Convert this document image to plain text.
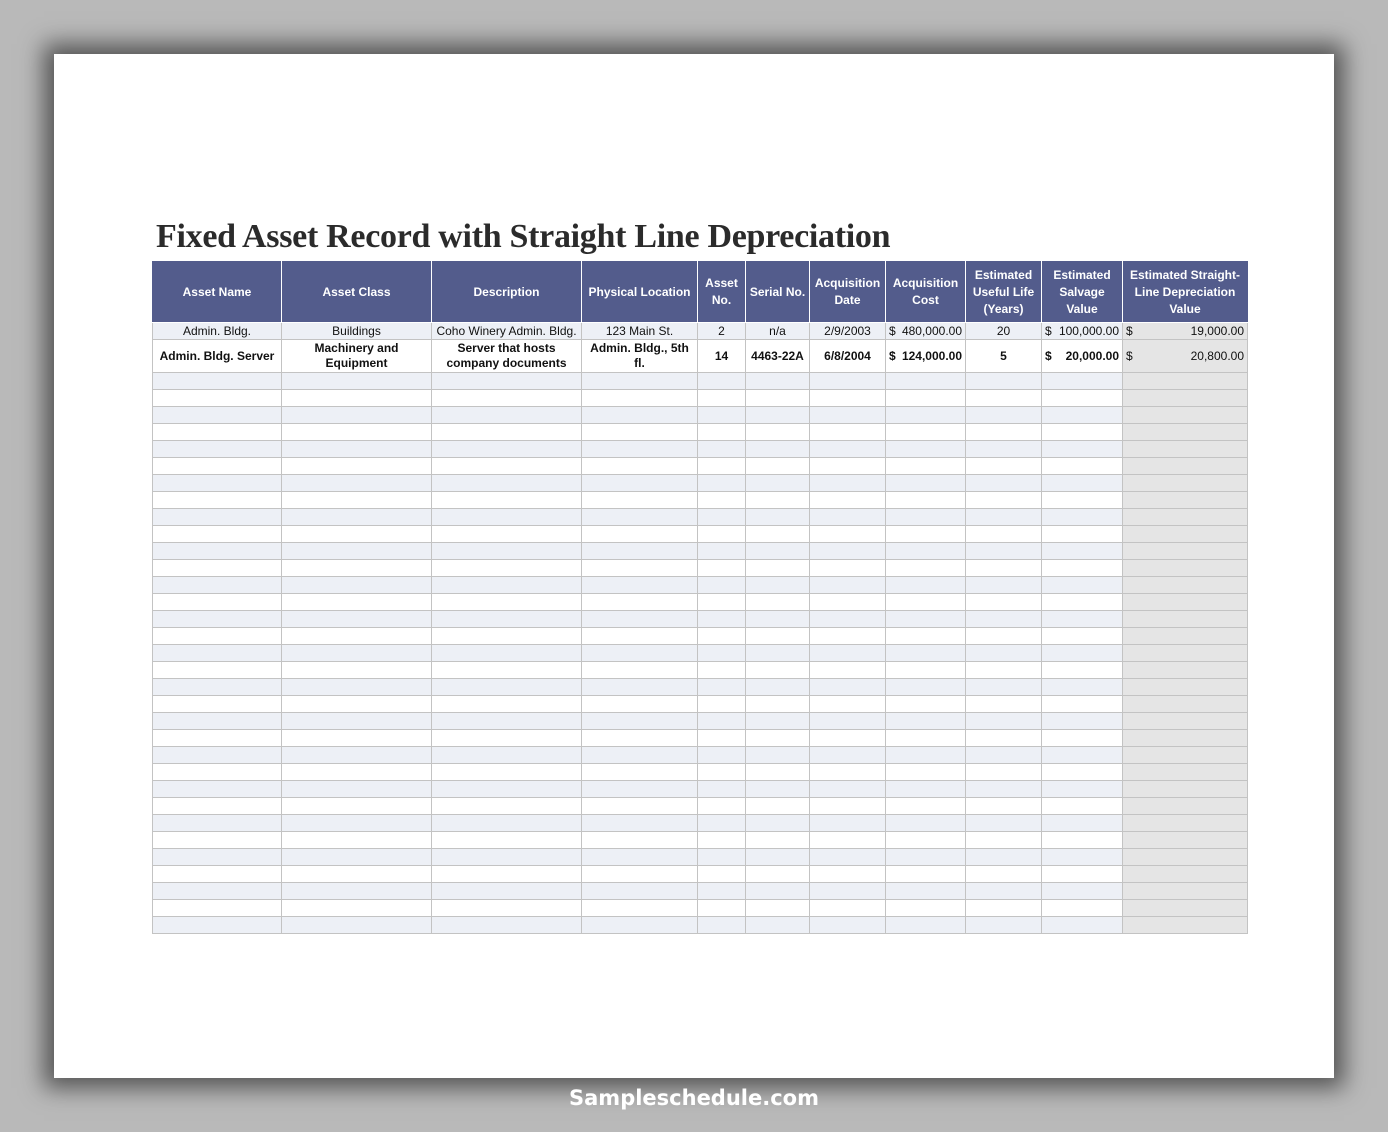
Fixed Asset Record with Straight Line Depreciation
Asset Name	Asset Class	Description	Physical Location	Asset No.	Serial No.	Acquisition Date	Acquisition Cost	Estimated Useful Life (Years)	Estimated Salvage Value	Estimated Straight-Line Depreciation Value
Admin. Bldg.	Buildings	Coho Winery Admin. Bldg.	123 Main St.	2	n/a	2/9/2003	$ 480,000.00	20	$ 100,000.00	$ 19,000.00

Admin. Bldg. Server	Machinery and Equipment	Server that hosts company documents	Admin. Bldg., 5th fl.	14	4463-22A	6/8/2004	$ 124,000.00	5	$ 20,000.00	$ 20,800.00

Sampleschedule.com
